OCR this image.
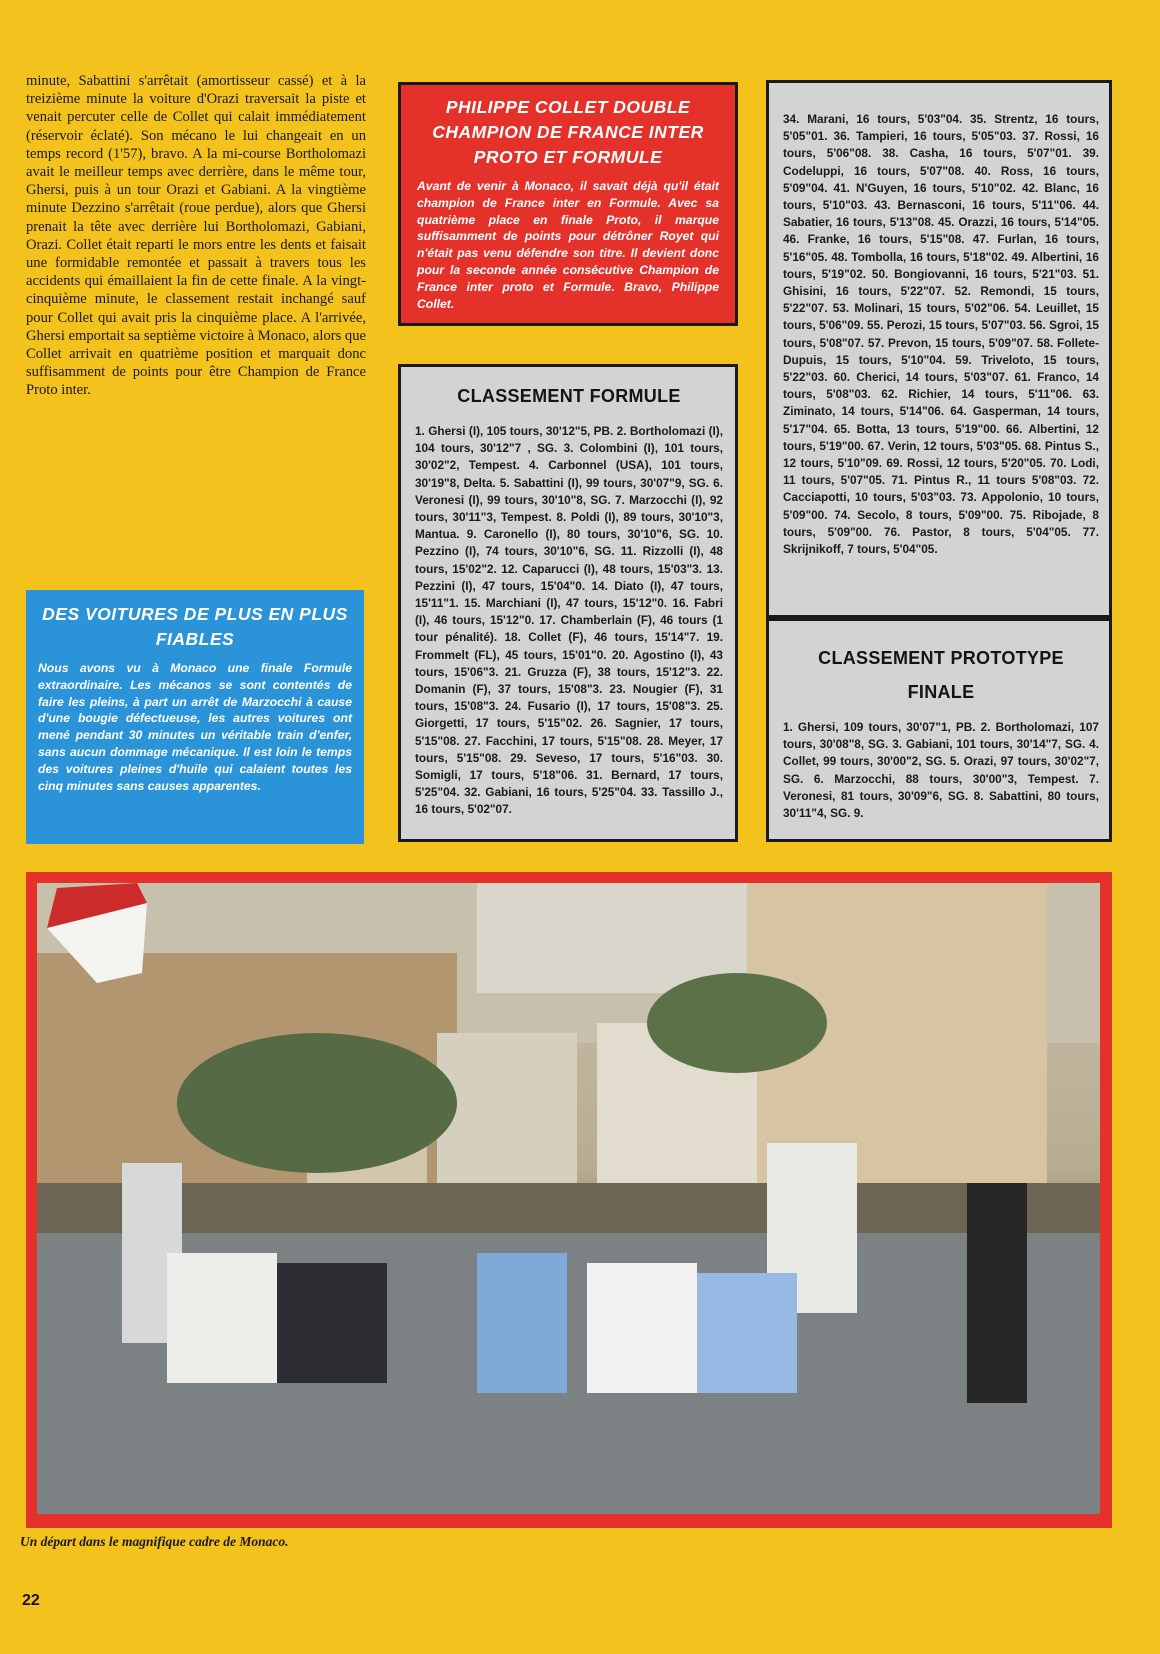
minute, Sabattini s'arrêtait (amortisseur cassé) et à la treizième minute la voiture d'Orazi traversait la piste et venait percuter celle de Collet qui calait immédiatement (réservoir éclaté). Son mécano le lui changeait en un temps record (1'57), bravo. A la mi-course Bortholomazi avait le meilleur temps avec derrière, dans le même tour, Ghersi, puis à un tour Orazi et Gabiani. A la vingtième minute Dezzino s'arrêtait (roue perdue), alors que Ghersi prenait la tête avec derrière lui Bortholomazi, Gabiani, Orazi. Collet était reparti le mors entre les dents et faisait une formidable remontée et passait à travers tous les accidents qui émaillaient la fin de cette finale. A la vingt-cinquième minute, le classement restait inchangé sauf pour Collet qui avait pris la cinquième place. A l'arrivée, Ghersi emportait sa septième victoire à Monaco, alors que Collet arrivait en quatrième position et marquait donc suffisamment de points pour être Champion de France Proto inter.
PHILIPPE COLLET DOUBLE CHAMPION DE FRANCE INTER PROTO ET FORMULE

Avant de venir à Monaco, il savait déjà qu'il était champion de France inter en Formule. Avec sa quatrième place en finale Proto, il marque suffisamment de points pour détrôner Royet qui n'était pas venu défendre son titre. Il devient donc pour la seconde année consécutive Champion de France inter proto et Formule. Bravo, Philippe Collet.

DES VOITURES DE PLUS EN PLUS FIABLES

Nous avons vu à Monaco une finale Formule extraordinaire. Les mécanos se sont contentés de faire les pleins, à part un arrêt de Marzocchi à cause d'une bougie défectueuse, les autres voitures ont mené pendant 30 minutes un véritable train d'enfer, sans aucun dommage mécanique. Il est loin le temps des voitures pleines d'huile qui calaient toutes les cinq minutes sans causes apparentes.

CLASSEMENT FORMULE
1. Ghersi (I), 105 tours, 30'12"5, PB. 2. Bortholomazi (I), 104 tours, 30'12"7 , SG. 3. Colombini (I), 101 tours, 30'02"2, Tempest. 4. Carbonnel (USA), 101 tours, 30'19"8, Delta. 5. Sabattini (I), 99 tours, 30'07"9, SG. 6. Veronesi (I), 99 tours, 30'10"8, SG. 7. Marzocchi (I), 92 tours, 30'11"3, Tempest. 8. Poldi (I), 89 tours, 30'10"3, Mantua. 9. Caronello (I), 80 tours, 30'10"6, SG. 10. Pezzino (I), 74 tours, 30'10"6, SG. 11. Rizzolli (I), 48 tours, 15'02"2. 12. Caparucci (I), 48 tours, 15'03"3. 13. Pezzini (I), 47 tours, 15'04"0. 14. Diato (I), 47 tours, 15'11"1. 15. Marchiani (I), 47 tours, 15'12"0. 16. Fabri (I), 46 tours, 15'12"0. 17. Chamberlain (F), 46 tours (1 tour pénalité). 18. Collet (F), 46 tours, 15'14"7. 19. Frommelt (FL), 45 tours, 15'01"0. 20. Agostino (I), 43 tours, 15'06"3. 21. Gruzza (F), 38 tours, 15'12"3. 22. Domanin (F), 37 tours, 15'08"3. 23. Nougier (F), 31 tours, 15'08"3. 24. Fusario (I), 17 tours, 15'08"3. 25. Giorgetti, 17 tours, 5'15"02. 26. Sagnier, 17 tours, 5'15"08. 27. Facchini, 17 tours, 5'15"08. 28. Meyer, 17 tours, 5'15"08. 29. Seveso, 17 tours, 5'16"03. 30. Somigli, 17 tours, 5'18"06. 31. Bernard, 17 tours, 5'25"04. 32. Gabiani, 16 tours, 5'25"04. 33. Tassillo J., 16 tours, 5'02"07.
34. Marani, 16 tours, 5'03"04. 35. Strentz, 16 tours, 5'05"01. 36. Tampieri, 16 tours, 5'05"03. 37. Rossi, 16 tours, 5'06"08. 38. Casha, 16 tours, 5'07"01. 39. Codeluppi, 16 tours, 5'07"08. 40. Ross, 16 tours, 5'09"04. 41. N'Guyen, 16 tours, 5'10"02. 42. Blanc, 16 tours, 5'10"03. 43. Bernasconi, 16 tours, 5'11"06. 44. Sabatier, 16 tours, 5'13"08. 45. Orazzi, 16 tours, 5'14"05. 46. Franke, 16 tours, 5'15"08. 47. Furlan, 16 tours, 5'16"05. 48. Tombolla, 16 tours, 5'18"02. 49. Albertini, 16 tours, 5'19"02. 50. Bongiovanni, 16 tours, 5'21"03. 51. Ghisini, 16 tours, 5'22"07. 52. Remondi, 15 tours, 5'22"07. 53. Molinari, 15 tours, 5'02"06. 54. Leuillet, 15 tours, 5'06"09. 55. Perozi, 15 tours, 5'07"03. 56. Sgroi, 15 tours, 5'08"07. 57. Prevon, 15 tours, 5'09"07. 58. Follete-Dupuis, 15 tours, 5'10"04. 59. Triveloto, 15 tours, 5'22"03. 60. Cherici, 14 tours, 5'03"07. 61. Franco, 14 tours, 5'08"03. 62. Richier, 14 tours, 5'11"06. 63. Ziminato, 14 tours, 5'14"06. 64. Gasperman, 14 tours, 5'17"04. 65. Botta, 13 tours, 5'19"00. 66. Albertini, 12 tours, 5'19"00. 67. Verin, 12 tours, 5'03"05. 68. Pintus S., 12 tours, 5'10"09. 69. Rossi, 12 tours, 5'20"05. 70. Lodi, 11 tours, 5'07"05. 71. Pintus R., 11 tours 5'08"03. 72. Cacciapotti, 10 tours, 5'03"03. 73. Appolonio, 10 tours, 5'09"00. 74. Secolo, 8 tours, 5'09"00. 75. Ribojade, 8 tours, 5'09"00. 76. Pastor, 8 tours, 5'04"05. 77. Skrijnikoff, 7 tours, 5'04"05.
CLASSEMENT PROTOTYPE
FINALE
1. Ghersi, 109 tours, 30'07"1, PB. 2. Bortholomazi, 107 tours, 30'08"8, SG. 3. Gabiani, 101 tours, 30'14"7, SG. 4. Collet, 99 tours, 30'00"2, SG. 5. Orazi, 97 tours, 30'02"7, SG. 6. Marzocchi, 88 tours, 30'00"3, Tempest. 7. Veronesi, 81 tours, 30'09"6, SG. 8. Sabattini, 80 tours, 30'11"4, SG. 9.
Un départ dans le magnifique cadre de Monaco.
22
